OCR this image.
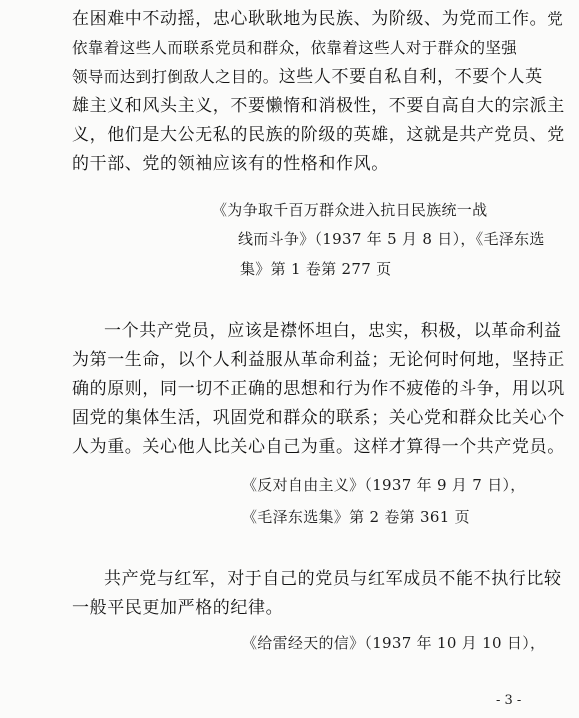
在困难中不动摇，忠心耿耿地为民族、为阶级、为党而工作。党
依靠着这些人而联系党员和群众，依靠着这些人对于群众的坚强
领导而达到打倒敌人之目的。这些人不要自私自利，不要个人英
雄主义和风头主义，不要懒惰和消极性，不要自高自大的宗派主
义，他们是大公无私的民族的阶级的英雄，这就是共产党员、党
的干部、党的领袖应该有的性格和作风。
《为争取千百万群众进入抗日民族统一战
线而斗争》（1937 年 5 月 8 日），《毛泽东选
集》第 1 卷第 277 页
一个共产党员，应该是襟怀坦白，忠实，积极，以革命利益
为第一生命，以个人利益服从革命利益；无论何时何地，坚持正
确的原则，同一切不正确的思想和行为作不疲倦的斗争，用以巩
固党的集体生活，巩固党和群众的联系；关心党和群众比关心个
人为重。关心他人比关心自己为重。这样才算得一个共产党员。
《反对自由主义》（1937 年 9 月 7 日），
《毛泽东选集》第 2 卷第 361 页
共产党与红军，对于自己的党员与红军成员不能不执行比较
一般平民更加严格的纪律。
《给雷经天的信》（1937 年 10 月 10 日），
- 3 -
